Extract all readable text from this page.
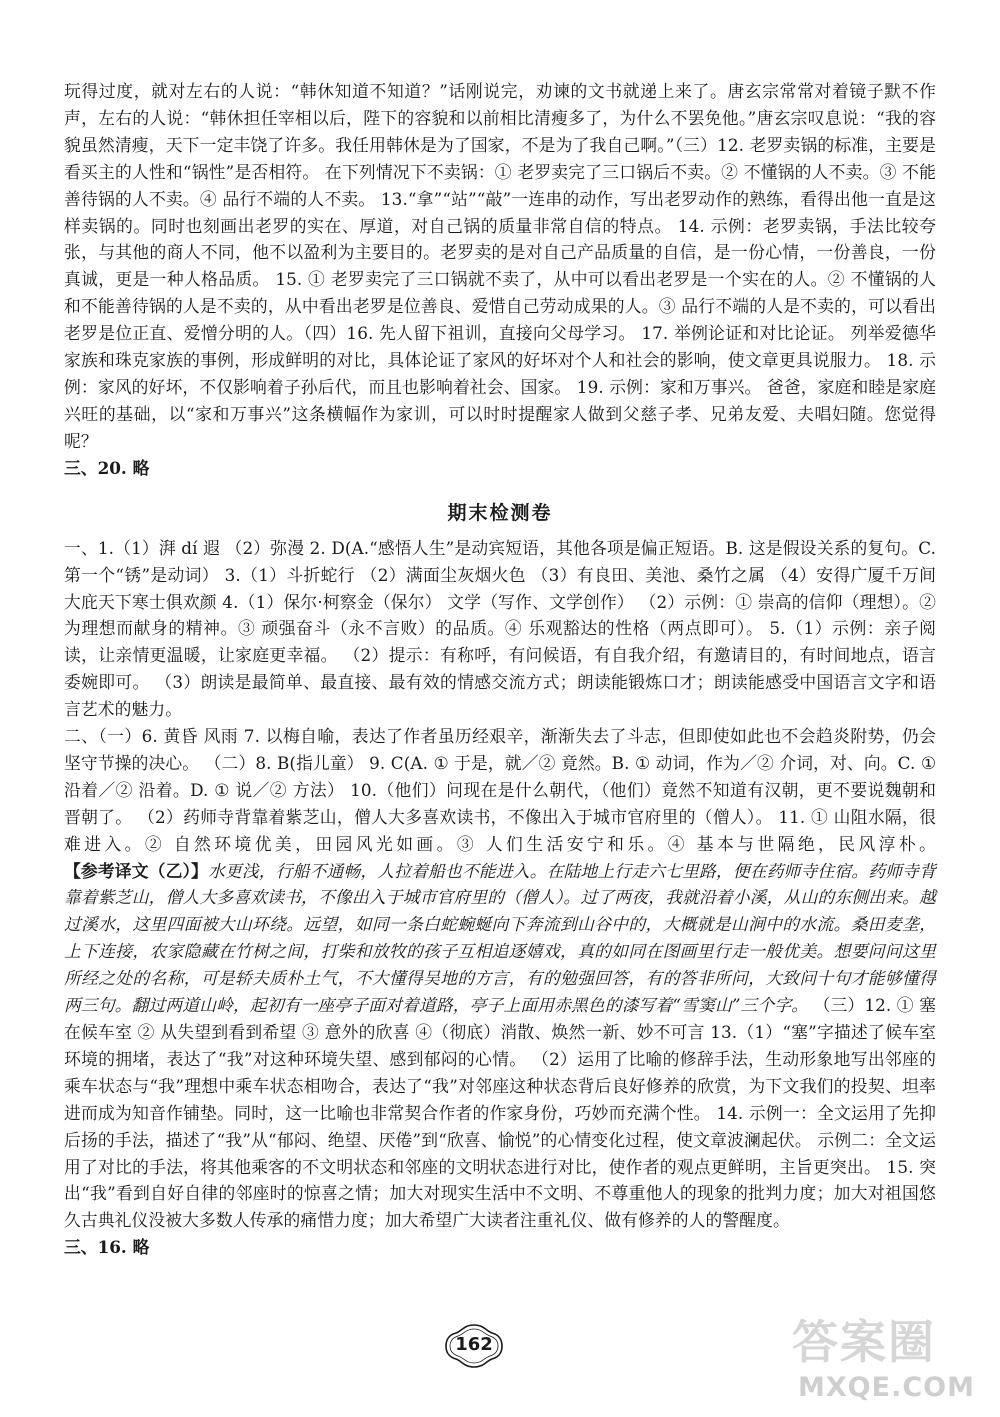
玩得过度，就对左右的人说：“韩休知道不知道？”话刚说完，劝谏的文书就递上来了。唐玄宗常常对着镜子默不作声，左右的人说：“韩休担任宰相以后，陛下的容貌和以前相比清瘦多了，为什么不罢免他。”唐玄宗叹息说：“我的容貌虽然清瘦，天下一定丰饶了许多。我任用韩休是为了国家，不是为了我自己啊。”（三）12. 老罗卖锅的标准，主要是看买主的人性和“锅性”是否相符。 在下列情况下不卖锅：① 老罗卖完了三口锅后不卖。② 不懂锅的人不卖。③ 不能善待锅的人不卖。④ 品行不端的人不卖。 13.“拿”“站”“敲”一连串的动作，写出老罗动作的熟练，看得出他一直是这样卖锅的。同时也刻画出老罗的实在、厚道，对自己锅的质量非常自信的特点。 14. 示例：老罗卖锅，手法比较夸张，与其他的商人不同，他不以盈利为主要目的。老罗卖的是对自己产品质量的自信，是一份心情，一份善良，一份真诚，更是一种人格品质。 15. ① 老罗卖完了三口锅就不卖了，从中可以看出老罗是一个实在的人。② 不懂锅的人和不能善待锅的人是不卖的，从中看出老罗是位善良、爱惜自己劳动成果的人。③ 品行不端的人是不卖的，可以看出老罗是位正直、爱憎分明的人。（四）16. 先人留下祖训，直接向父母学习。 17. 举例论证和对比论证。 列举爱德华家族和珠克家族的事例，形成鲜明的对比，具体论证了家风的好坏对个人和社会的影响，使文章更具说服力。 18. 示例：家风的好坏，不仅影响着子孙后代，而且也影响着社会、国家。 19. 示例：家和万事兴。 爸爸，家庭和睦是家庭兴旺的基础，以“家和万事兴”这条横幅作为家训，可以时时提醒家人做到父慈子孝、兄弟友爱、夫唱妇随。您觉得呢？

三、20. 略

期末检测卷

一、1.（1）湃 dí 遐 （2）弥漫 2. D(A.“感悟人生”是动宾短语，其他各项是偏正短语。B. 这是假设关系的复句。C. 第一个“锈”是动词） 3.（1）斗折蛇行 （2）满面尘灰烟火色 （3）有良田、美池、桑竹之属 （4）安得广厦千万间 大庇天下寒士俱欢颜 4.（1）保尔·柯察金（保尔） 文学（写作、文学创作） （2）示例：① 崇高的信仰（理想）。② 为理想而献身的精神。③ 顽强奋斗（永不言败）的品质。④ 乐观豁达的性格（两点即可）。 5.（1）示例：亲子阅读，让亲情更温暖，让家庭更幸福。 （2）提示：有称呼，有问候语，有自我介绍，有邀请目的，有时间地点，语言委婉即可。 （3）朗读是最简单、最直接、最有效的情感交流方式；朗读能锻炼口才；朗读能感受中国语言文字和语言艺术的魅力。

二、（一）6. 黄昏 风雨 7. 以梅自喻，表达了作者虽历经艰辛，渐渐失去了斗志，但即使如此也不会趋炎附势，仍会坚守节操的决心。 （二）8. B(指儿童） 9. C(A. ① 于是，就／② 竟然。B. ① 动词，作为／② 介词，对、向。C. ① 沿着／② 沿着。D. ① 说／② 方法） 10.（他们）问现在是什么朝代，（他们）竟然不知道有汉朝，更不要说魏朝和晋朝了。 （2）药师寺背靠着紫芝山，僧人大多喜欢读书，不像出入于城市官府里的（僧人）。 11. ① 山阻水隔，很难进入。② 自然环境优美，田园风光如画。③ 人们生活安宁和乐。④ 基本与世隔绝，民风淳朴。 【参考译文（乙）】水更浅，行船不通畅，人拉着船也不能进入。在陆地上行走六七里路，便在药师寺住宿。药师寺背靠着紫芝山，僧人大多喜欢读书，不像出入于城市官府里的（僧人）。过了两夜，我就沿着小溪，从山的东侧出来。越过溪水，这里四面被大山环绕。远望，如同一条白蛇蜿蜒向下奔流到山谷中的，大概就是山涧中的水流。桑田麦垄，上下连接，农家隐藏在竹树之间，打柴和放牧的孩子互相追逐嬉戏，真的如同在图画里行走一般优美。想要问问这里所经之处的名称，可是轿夫质朴土气，不大懂得吴地的方言，有的勉强回答，有的答非所问，大致问十句才能够懂得两三句。翻过两道山岭，起初有一座亭子面对着道路，亭子上面用赤黑色的漆写着“雪窦山”三个字。 （三）12. ① 塞在候车室 ② 从失望到看到希望 ③ 意外的欣喜 ④（彻底）消散、焕然一新、妙不可言 13.（1）“塞”字描述了候车室环境的拥堵，表达了“我”对这种环境失望、感到郁闷的心情。 （2）运用了比喻的修辞手法，生动形象地写出邻座的乘车状态与“我”理想中乘车状态相吻合，表达了“我”对邻座这种状态背后良好修养的欣赏，为下文我们的投契、坦率进而成为知音作铺垫。同时，这一比喻也非常契合作者的作家身份，巧妙而充满个性。 14. 示例一：全文运用了先抑后扬的手法，描述了“我”从“郁闷、绝望、厌倦”到“欣喜、愉悦”的心情变化过程，使文章波澜起伏。 示例二：全文运用了对比的手法，将其他乘客的不文明状态和邻座的文明状态进行对比，使作者的观点更鲜明，主旨更突出。 15. 突出“我”看到自好自律的邻座时的惊喜之情；加大对现实生活中不文明、不尊重他人的现象的批判力度；加大对祖国悠久古典礼仪没被大多数人传承的痛惜力度；加大希望广大读者注重礼仪、做有修养的人的警醒度。

三、16. 略

162	答案圈
MXQE.COM
